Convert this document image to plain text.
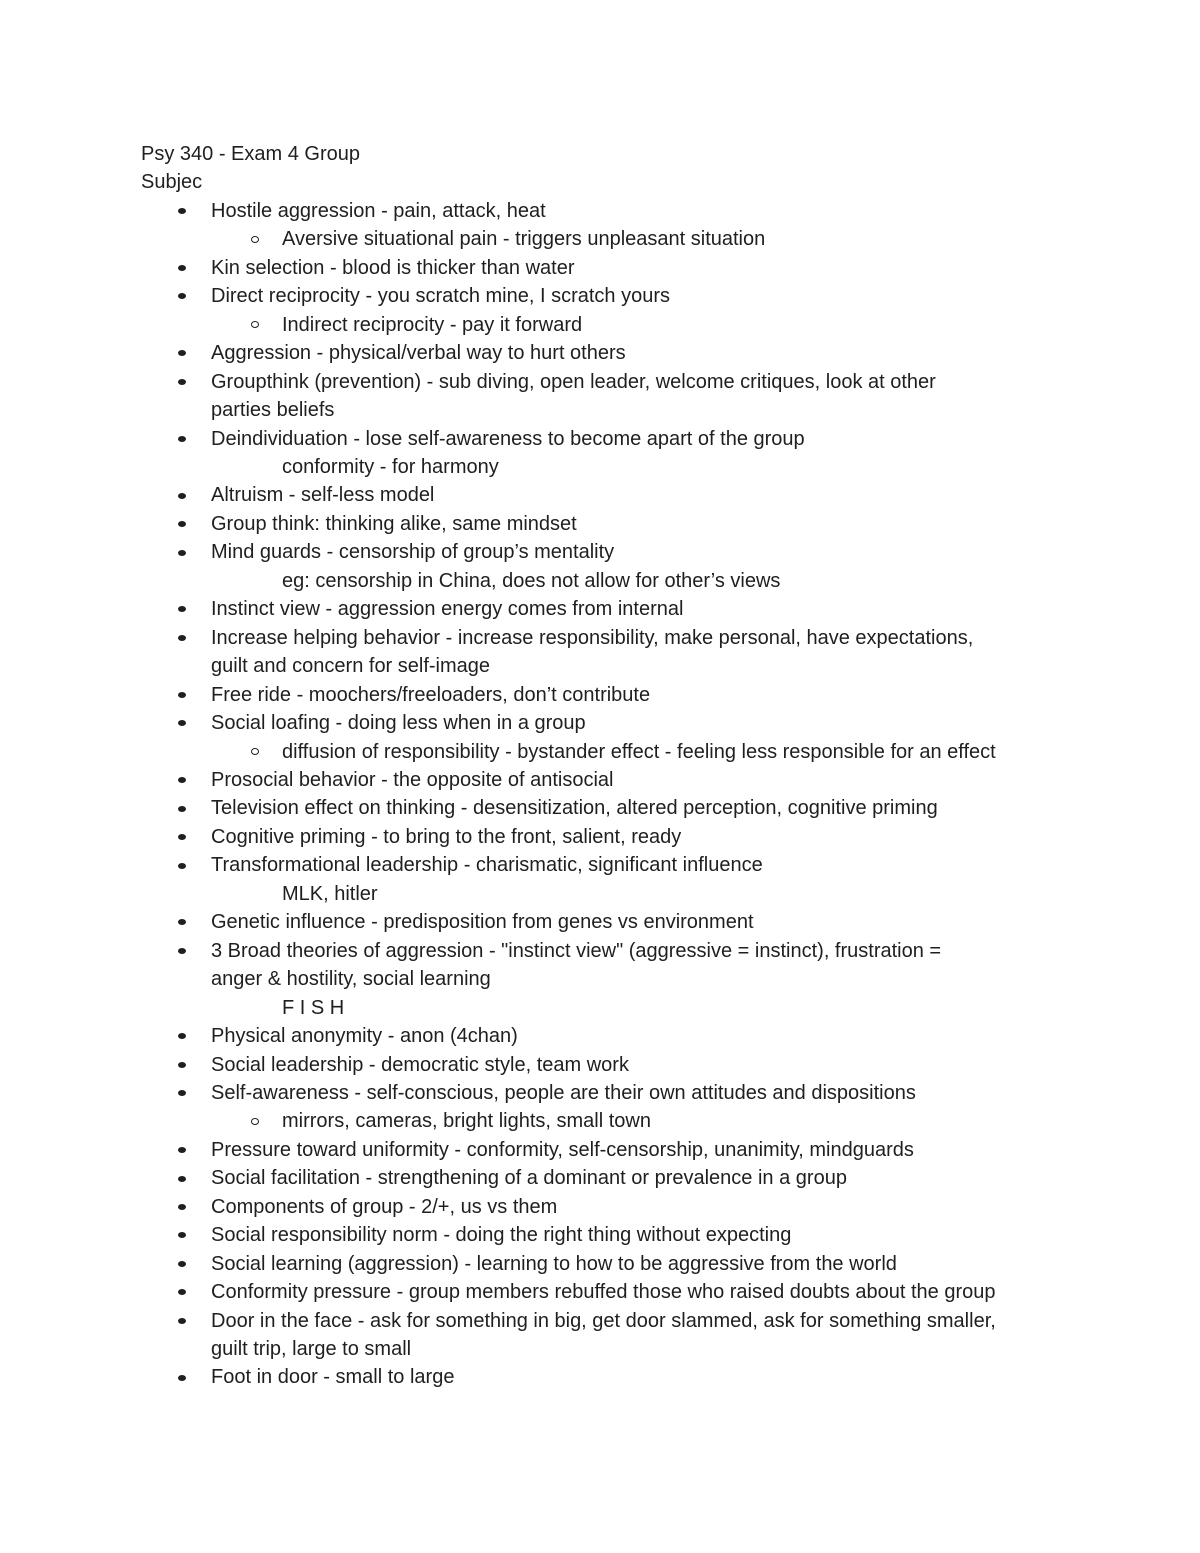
Psy 340 - Exam 4 Group
Subjec
Hostile aggression - pain, attack, heat
Aversive situational pain - triggers unpleasant situation
Kin selection - blood is thicker than water
Direct reciprocity - you scratch mine, I scratch yours
Indirect reciprocity - pay it forward
Aggression - physical/verbal way to hurt others
Groupthink (prevention) - sub diving, open leader, welcome critiques, look at other
parties beliefs
Deindividuation - lose self-awareness to become apart of the group
conformity - for harmony
Altruism - self-less model
Group think: thinking alike, same mindset
Mind guards - censorship of group’s mentality
eg: censorship in China, does not allow for other’s views
Instinct view - aggression energy comes from internal
Increase helping behavior - increase responsibility, make personal, have expectations,
guilt and concern for self-image
Free ride - moochers/freeloaders, don’t contribute
Social loafing - doing less when in a group
diffusion of responsibility - bystander effect - feeling less responsible for an effect
Prosocial behavior - the opposite of antisocial
Television effect on thinking - desensitization, altered perception, cognitive priming
Cognitive priming - to bring to the front, salient, ready
Transformational leadership - charismatic, significant influence
MLK, hitler
Genetic influence - predisposition from genes vs environment
3 Broad theories of aggression - "instinct view" (aggressive = instinct), frustration =
anger & hostility, social learning
F I S H
Physical anonymity - anon (4chan)
Social leadership - democratic style, team work
Self-awareness - self-conscious, people are their own attitudes and dispositions
mirrors, cameras, bright lights, small town
Pressure toward uniformity - conformity, self-censorship, unanimity, mindguards
Social facilitation - strengthening of a dominant or prevalence in a group
Components of group - 2/+, us vs them
Social responsibility norm - doing the right thing without expecting
Social learning (aggression) - learning to how to be aggressive from the world
Conformity pressure - group members rebuffed those who raised doubts about the group
Door in the face - ask for something in big, get door slammed, ask for something smaller,
guilt trip, large to small
Foot in door - small to large
